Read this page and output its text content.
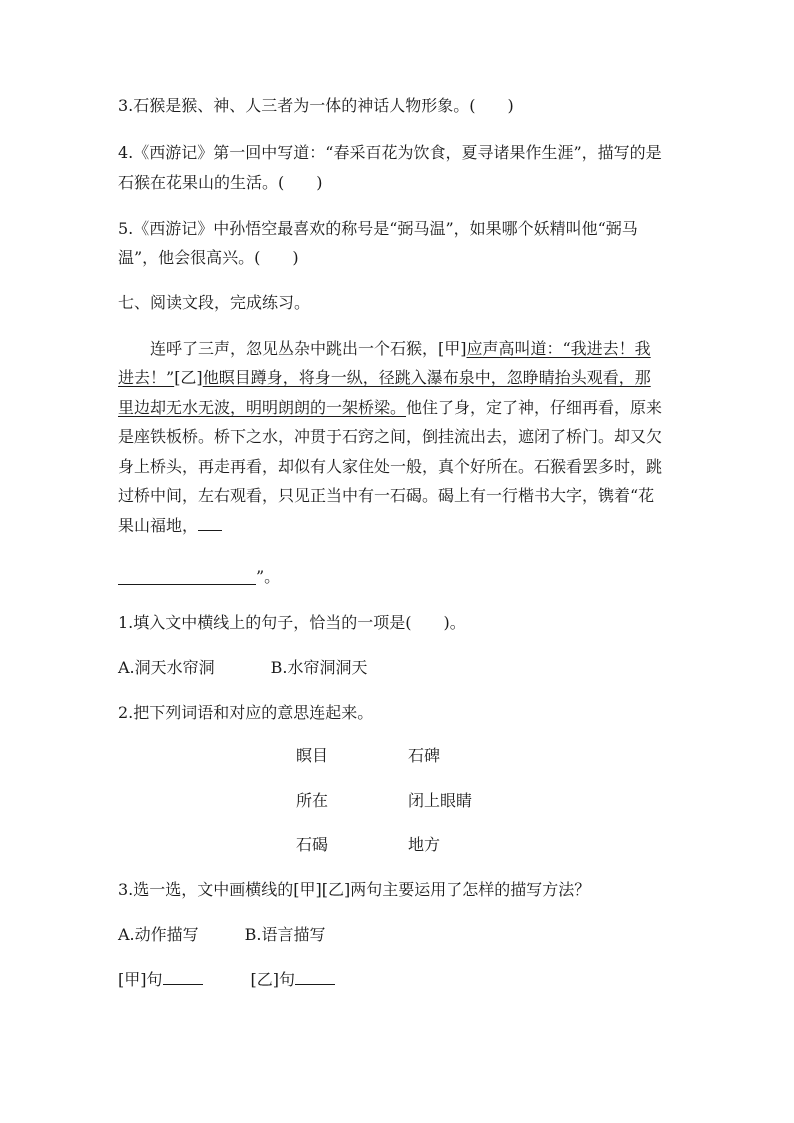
3.石猴是猴、神、人三者为一体的神话人物形象。(　　)
4.《西游记》第一回中写道：“春采百花为饮食，夏寻诸果作生涯”，描写的是
石猴在花果山的生活。(　　)
5.《西游记》中孙悟空最喜欢的称号是“弼马温”，如果哪个妖精叫他“弼马
温”，他会很高兴。(　　)
七、阅读文段，完成练习。
连呼了三声，忽见丛杂中跳出一个石猴，[甲]应声高叫道：“我进去！我
进去！”[乙]他瞑目蹲身，将身一纵，径跳入瀑布泉中，忽睁睛抬头观看，那
里边却无水无波，明明朗朗的一架桥梁。他住了身，定了神，仔细再看，原来
是座铁板桥。桥下之水，冲贯于石窍之间，倒挂流出去，遮闭了桥门。却又欠
身上桥头，再走再看，却似有人家住处一般，真个好所在。石猴看罢多时，跳
过桥中间，左右观看，只见正当中有一石碣。碣上有一行楷书大字，镌着“花
果山福地，
”。
1.填入文中横线上的句子，恰当的一项是(　　)。
A.洞天水帘洞	B.水帘洞洞天
2.把下列词语和对应的意思连起来。
瞑目	石碑
所在	闭上眼睛
石碣	地方
3.选一选，文中画横线的[甲][乙]两句主要运用了怎样的描写方法？
A.动作描写	B.语言描写
[甲]句	[乙]句
